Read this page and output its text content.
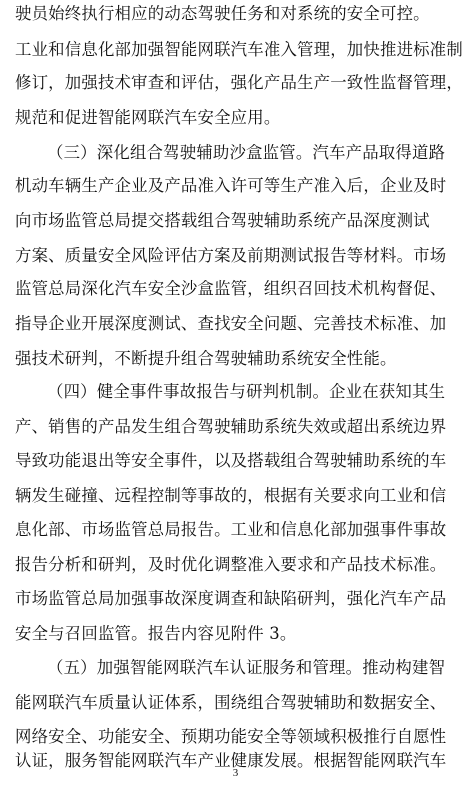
驶员始终执行相应的动态驾驶任务和对系统的安全可控。
工业和信息化部加强智能网联汽车准入管理，加快推进标准制
修订，加强技术审查和评估，强化产品生产一致性监督管理，
规范和促进智能网联汽车安全应用。
（三）深化组合驾驶辅助沙盒监管。汽车产品取得道路
机动车辆生产企业及产品准入许可等生产准入后，企业及时
向市场监管总局提交搭载组合驾驶辅助系统产品深度测试
方案、质量安全风险评估方案及前期测试报告等材料。市场
监管总局深化汽车安全沙盒监管，组织召回技术机构督促、
指导企业开展深度测试、查找安全问题、完善技术标准、加
强技术研判，不断提升组合驾驶辅助系统安全性能。
（四）健全事件事故报告与研判机制。企业在获知其生
产、销售的产品发生组合驾驶辅助系统失效或超出系统边界
导致功能退出等安全事件，以及搭载组合驾驶辅助系统的车
辆发生碰撞、远程控制等事故的，根据有关要求向工业和信
息化部、市场监管总局报告。工业和信息化部加强事件事故
报告分析和研判，及时优化调整准入要求和产品技术标准。
市场监管总局加强事故深度调查和缺陷研判，强化汽车产品
安全与召回监管。报告内容见附件 3。
（五）加强智能网联汽车认证服务和管理。推动构建智
能网联汽车质量认证体系，围绕组合驾驶辅助和数据安全、
网络安全、功能安全、预期功能安全等领域积极推行自愿性
认证，服务智能网联汽车产业健康发展。根据智能网联汽车
3
